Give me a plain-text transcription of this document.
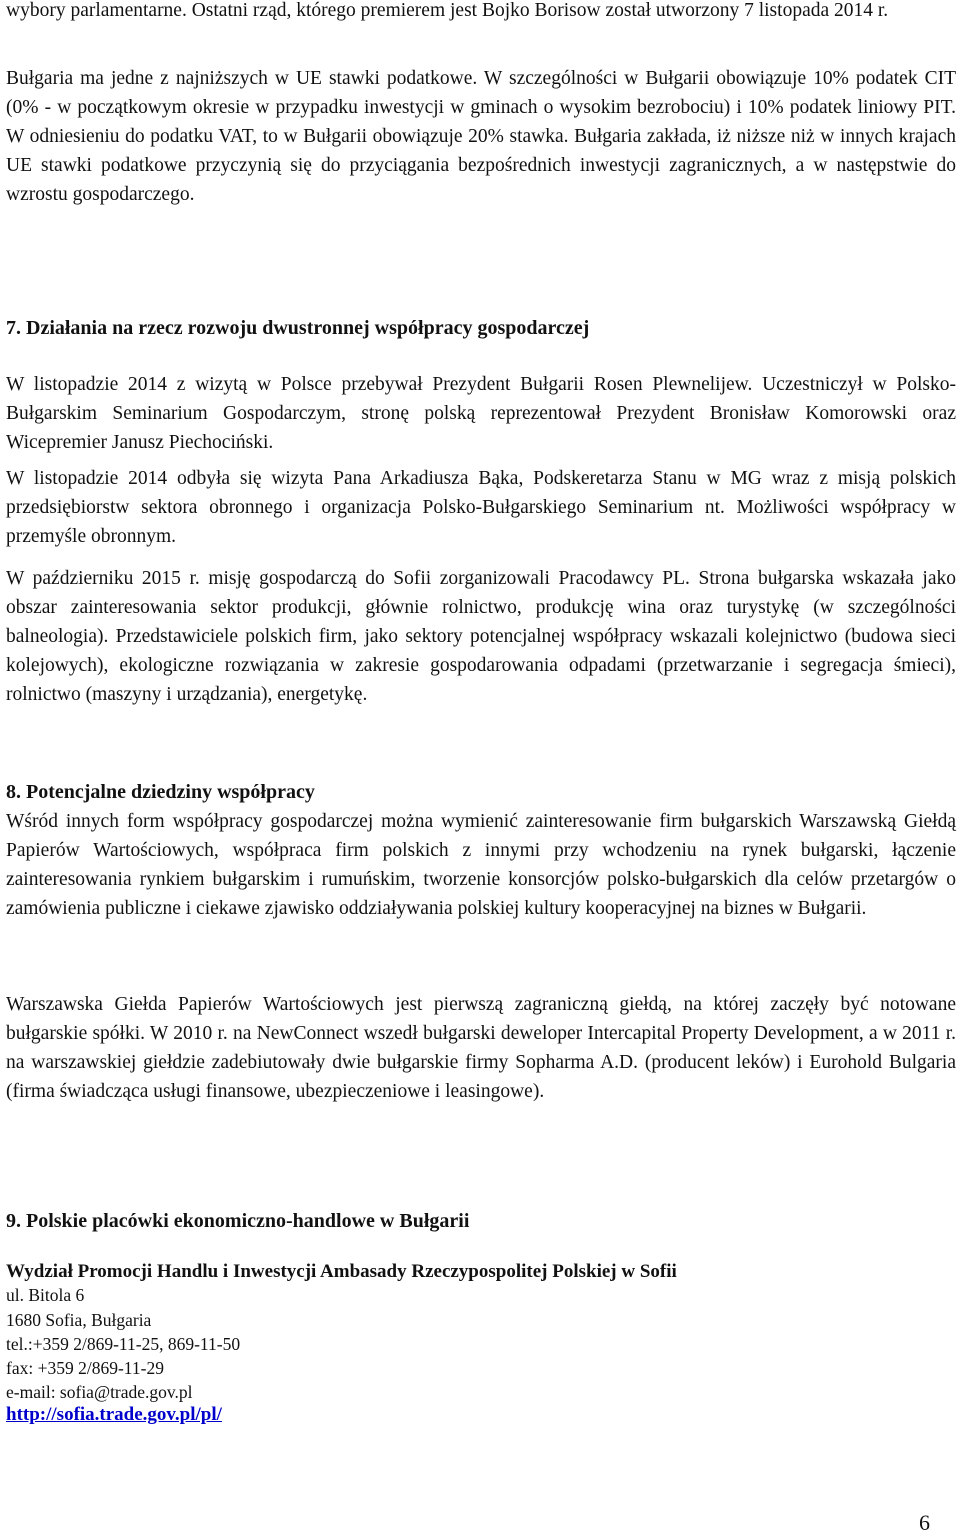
wybory parlamentarne. Ostatni rząd, którego premierem jest Bojko Borisow został utworzony 7 listopada 2014 r.

Bułgaria ma jedne z najniższych w UE stawki podatkowe. W szczególności w Bułgarii obowiązuje 10% podatek CIT (0% - w początkowym okresie w przypadku inwestycji w gminach o wysokim bezrobociu) i 10% podatek liniowy PIT. W odniesieniu do podatku VAT, to w Bułgarii obowiązuje 20% stawka. Bułgaria zakłada, iż niższe niż w innych krajach UE stawki podatkowe przyczynią się do przyciągania bezpośrednich inwestycji zagranicznych, a w następstwie do wzrostu gospodarczego.

7. Działania na rzecz rozwoju dwustronnej współpracy gospodarczej

W listopadzie 2014 z wizytą w Polsce przebywał Prezydent Bułgarii Rosen Plewnelijew. Uczestniczył w Polsko-Bułgarskim Seminarium Gospodarczym, stronę polską reprezentował Prezydent Bronisław Komorowski oraz Wicepremier Janusz Piechociński.

W listopadzie 2014 odbyła się wizyta Pana Arkadiusza Bąka, Podskeretarza Stanu w MG wraz z misją polskich przedsiębiorstw sektora obronnego i organizacja Polsko-Bułgarskiego Seminarium nt. Możliwości współpracy w przemyśle obronnym.

W październiku 2015 r. misję gospodarczą do Sofii zorganizowali Pracodawcy PL. Strona bułgarska wskazała jako obszar zainteresowania sektor produkcji, głównie rolnictwo, produkcję wina oraz turystykę (w szczególności balneologia). Przedstawiciele polskich firm, jako sektory potencjalnej współpracy wskazali kolejnictwo (budowa sieci kolejowych), ekologiczne rozwiązania w zakresie gospodarowania odpadami (przetwarzanie i segregacja śmieci), rolnictwo (maszyny i urządzania), energetykę.

8. Potencjalne dziedziny współpracy

Wśród innych form współpracy gospodarczej można wymienić zainteresowanie firm bułgarskich Warszawską Giełdą Papierów Wartościowych, współpraca firm polskich z innymi przy wchodzeniu na rynek bułgarski, łączenie zainteresowania rynkiem bułgarskim i rumuńskim, tworzenie konsorcjów polsko-bułgarskich dla celów przetargów o zamówienia publiczne i ciekawe zjawisko oddziaływania polskiej kultury kooperacyjnej na biznes w Bułgarii.

Warszawska Giełda Papierów Wartościowych jest pierwszą zagraniczną giełdą, na której zaczęły być notowane bułgarskie spółki. W 2010 r. na NewConnect wszedł bułgarski deweloper Intercapital Property Development, a w 2011 r. na warszawskiej giełdzie zadebiutowały dwie bułgarskie firmy Sopharma A.D. (producent leków) i Eurohold Bulgaria (firma świadcząca usługi finansowe, ubezpieczeniowe i leasingowe).

9. Polskie placówki ekonomiczno-handlowe w Bułgarii
Wydział Promocji Handlu i Inwestycji Ambasady Rzeczypospolitej Polskiej w Sofii
ul. Bitola 6
1680 Sofia, Bułgaria
tel.:+359 2/869-11-25, 869-11-50
fax: +359 2/869-11-29
e-mail: sofia@trade.gov.pl
http://sofia.trade.gov.pl/pl/
6
